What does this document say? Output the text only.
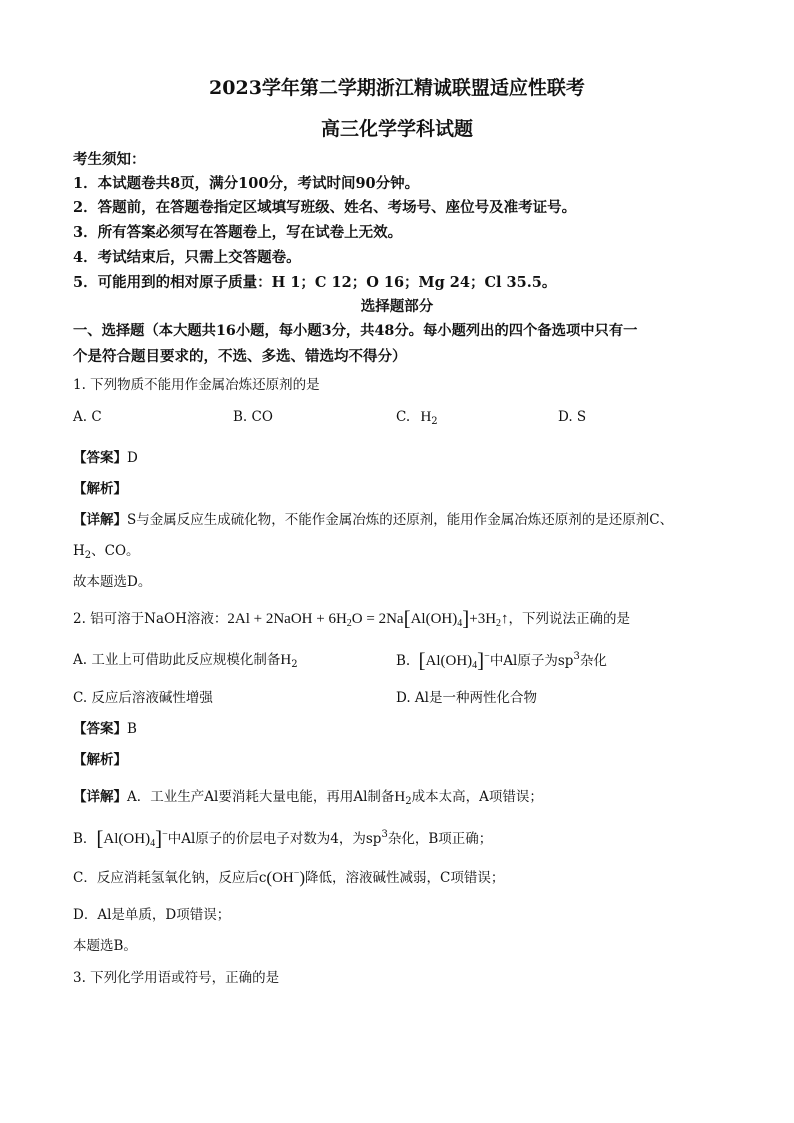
2023学年第二学期浙江精诚联盟适应性联考
高三化学学科试题
考生须知：
1．本试题卷共8页，满分100分，考试时间90分钟。
2．答题前，在答题卷指定区域填写班级、姓名、考场号、座位号及准考证号。
3．所有答案必须写在答题卷上，写在试卷上无效。
4．考试结束后，只需上交答题卷。
5．可能用到的相对原子质量：H 1；C 12；O 16；Mg 24；Cl 35.5。
选择题部分
一、选择题（本大题共16小题，每小题3分，共48分。每小题列出的四个备选项中只有一
个是符合题目要求的，不选、多选、错选均不得分）
1. 下列物质不能用作金属冶炼还原剂的是
A. C	B. CO	C. $H_2$	D. S
【答案】D
【解析】
【详解】S与金属反应生成硫化物，不能作金属冶炼的还原剂，能用作金属冶炼还原剂的是还原剂C、
$H_2$、CO。
故本题选D。
2. 铝可溶于NaOH溶液：2Al + 2NaOH + $6H_2O$ = $2Na[Al(OH)_4]+3H_2↑$，下列说法正确的是
A. 工业上可借助此反应规模化制备$H_2$	B. $[Al(OH)_4]^-$中Al原子为$sp^3$杂化
C. 反应后溶液碱性增强	D. Al是一种两性化合物
【答案】B
【解析】
【详解】A．工业生产Al要消耗大量电能，再用Al制备$H_2$成本太高，A项错误；
B．$[Al(OH)_4]^-$中Al原子的价层电子对数为4，为$sp^3$杂化，B项正确；
C．反应消耗氢氧化钠，反应后c(OH−)降低，溶液碱性减弱，C项错误；
D．Al是单质，D项错误；
本题选B。
3. 下列化学用语或符号，正确的是
